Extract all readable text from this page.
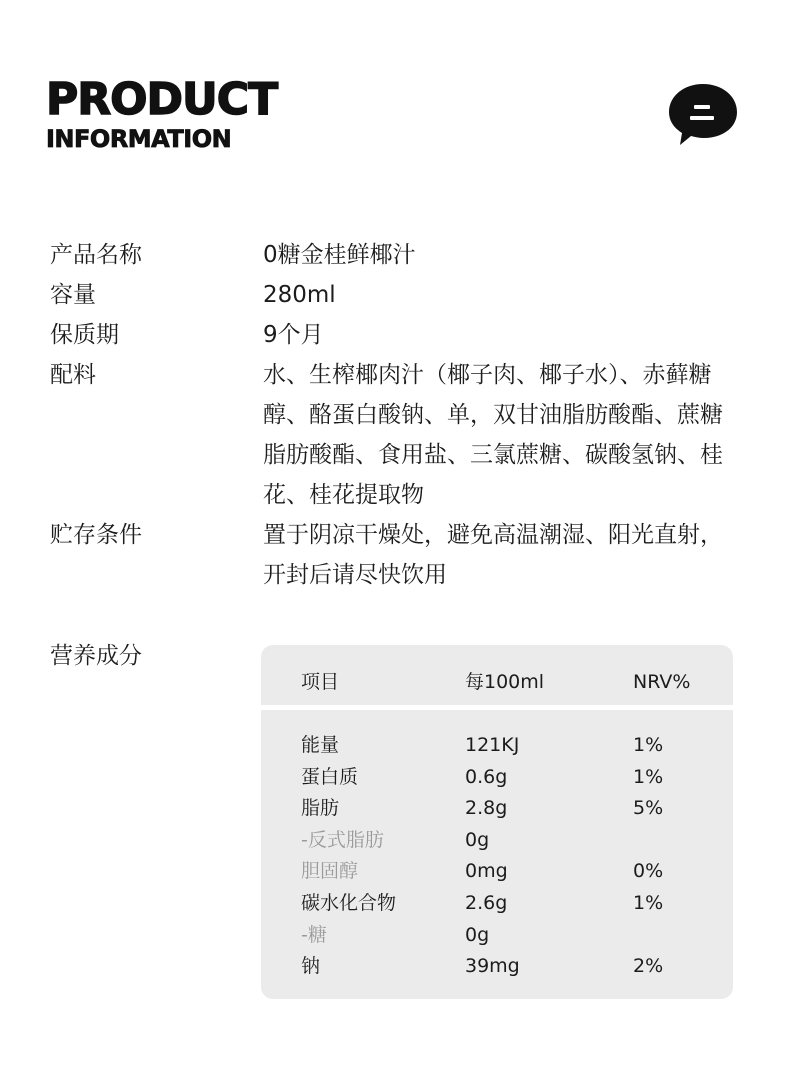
PRODUCT
INFORMATION
产品名称	0糖金桂鲜椰汁
容量	280ml
保质期	9个月
配料	水、生榨椰肉汁（椰子肉、椰子水）、赤藓糖醇、酪蛋白酸钠、单，双甘油脂肪酸酯、蔗糖脂肪酸酯、食用盐、三氯蔗糖、碳酸氢钠、桂花、桂花提取物
贮存条件	置于阴凉干燥处，避免高温潮湿、阳光直射，开封后请尽快饮用
营养成分
项目	每100ml	NRV%
能量	121KJ	1%
蛋白质	0.6g	1%
脂肪	2.8g	5%
-反式脂肪	0g
胆固醇	0mg	0%
碳水化合物	2.6g	1%
-糖	0g
钠	39mg	2%
